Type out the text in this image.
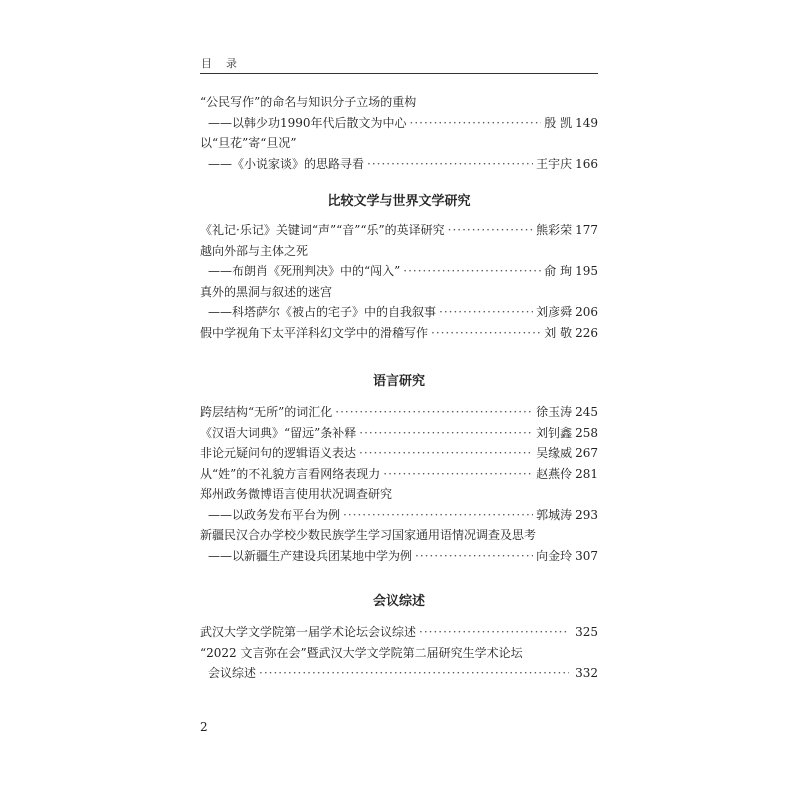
目录
“公民写作”的命名与知识分子立场的重构
——以韩少功1990年代后散文为中心 ·····	殷 凯 149
以“旦花”寄“旦况”
——《小说家谈》的思路寻看 ·····	王宇庆 166
比较文学与世界文学研究
《礼记·乐记》关键词“声”“音”“乐”的英译研究 ·····	熊彩荣 177
越向外部与主体之死
——布朗肖《死刑判决》中的“闯入” ·····	俞 珣 195
真外的黑洞与叙述的迷宫
——科塔萨尔《被占的宅子》中的自我叙事 ·····	刘彦舜 206
假中学视角下太平洋科幻文学中的滑稽写作 ·····	刘 敬 226
语言研究
跨层结构“无所”的词汇化 ·····	徐玉涛 245
《汉语大词典》“留远”条补释 ·····	刘钊鑫 258
非论元疑问句的逻辑语义表达 ·····	吴缘威 267
从“姓”的不礼貌方言看网络表现力 ·····	赵燕伶 281
郑州政务微博语言使用状况调查研究
——以政务发布平台为例 ·····	郭城涛 293
新疆民汉合办学校少数民族学生学习国家通用语情况调查及思考
——以新疆生产建设兵团某地中学为例 ·····	向金玲 307
会议综述
武汉大学文学院第一届学术论坛会议综述 ·····	325
“2022 文言弥在会”暨武汉大学文学院第二届研究生学术论坛
会议综述 ·····	332
2
